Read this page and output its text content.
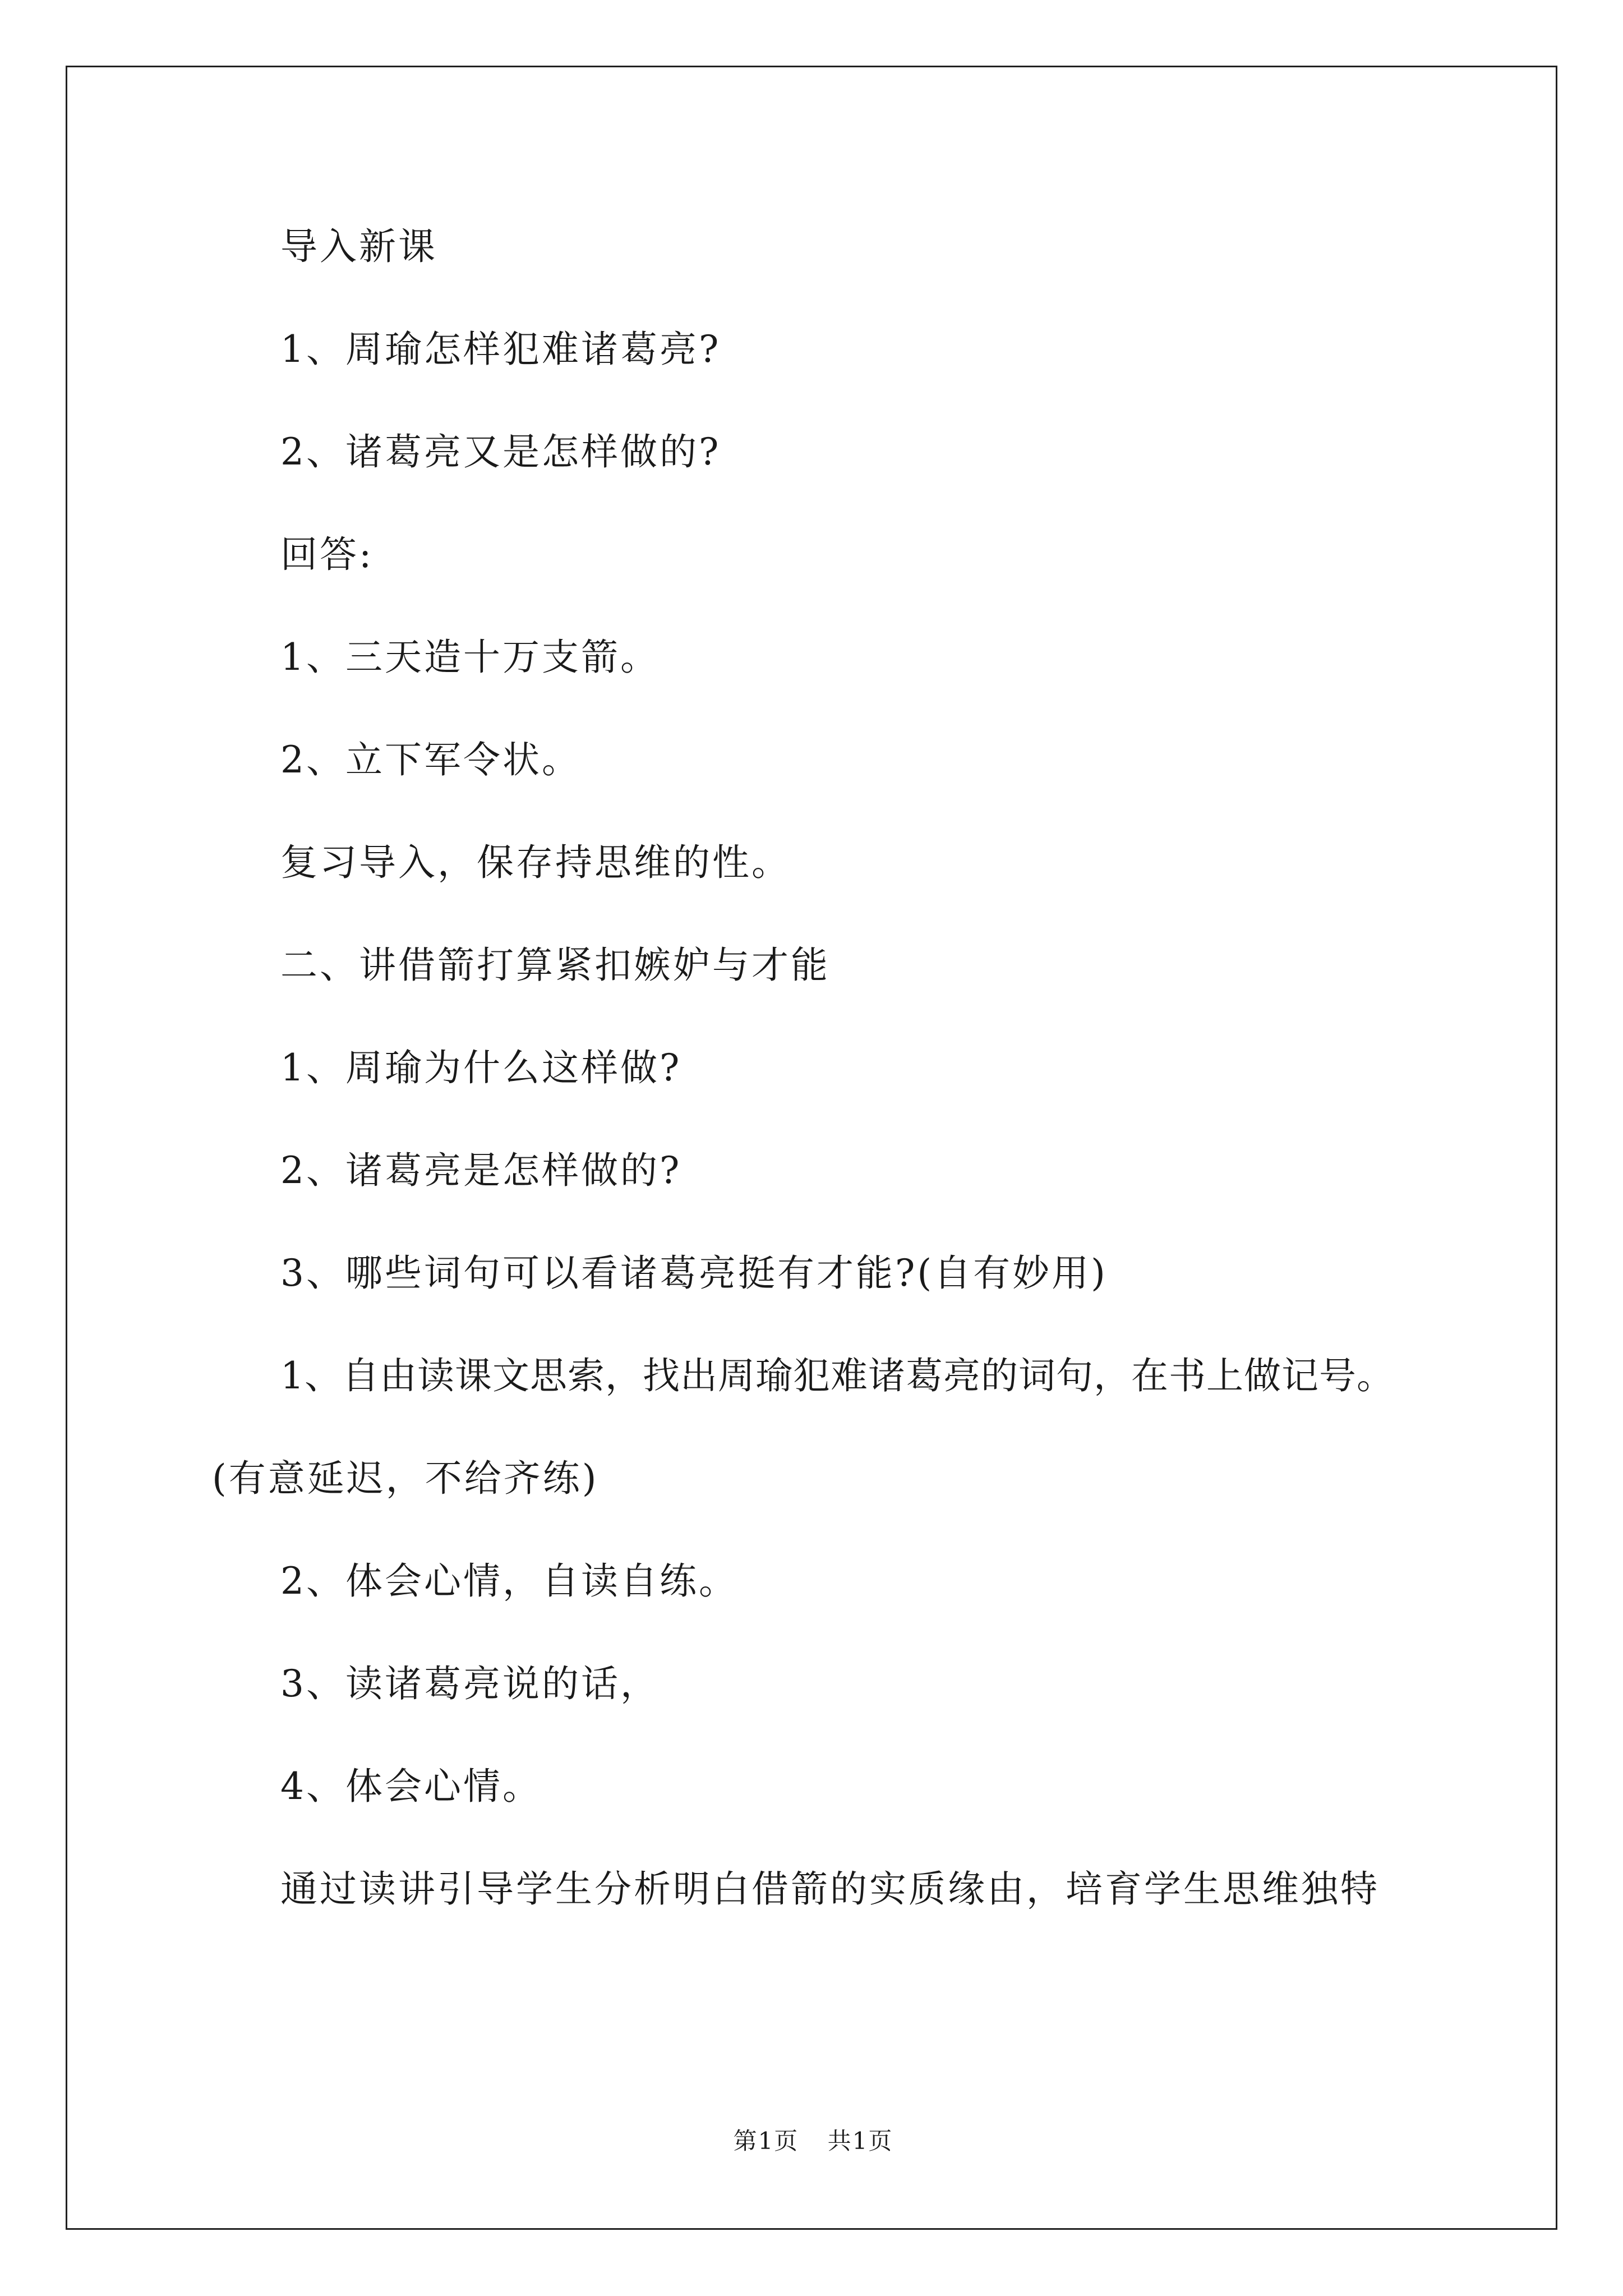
导入新课
1、周瑜怎样犯难诸葛亮?
2、诸葛亮又是怎样做的?
回答:
1、三天造十万支箭。
2、立下军令状。
复习导入，保存持思维的性。
二、讲借箭打算紧扣嫉妒与才能
1、周瑜为什么这样做?
2、诸葛亮是怎样做的?
3、哪些词句可以看诸葛亮挺有才能?(自有妙用)
1、自由读课文思索，找出周瑜犯难诸葛亮的词句，在书上做记号。
(有意延迟，不给齐练)
2、体会心情，自读自练。
3、读诸葛亮说的话，
4、体会心情。
通过读讲引导学生分析明白借箭的实质缘由，培育学生思维独特
第1页 共1页
